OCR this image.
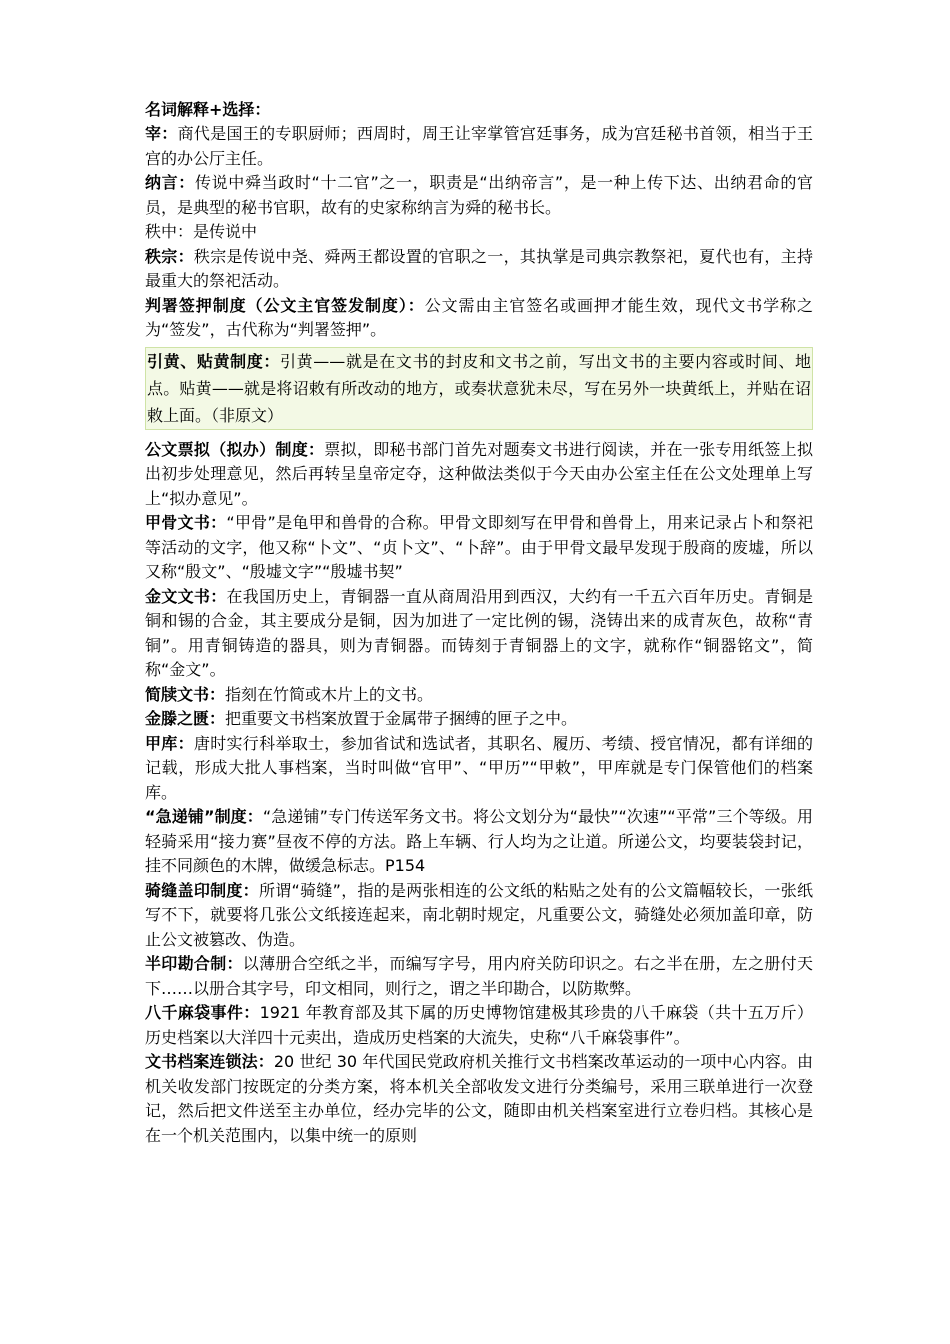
名词解释+选择：

宰：商代是国王的专职厨师；西周时，周王让宰掌管宫廷事务，成为宫廷秘书首领，相当于王宫的办公厅主任。

纳言：传说中舜当政时“十二官”之一，职责是“出纳帝言”，是一种上传下达、出纳君命的官员，是典型的秘书官职，故有的史家称纳言为舜的秘书长。

秩中：是传说中

秩宗：秩宗是传说中尧、舜两王都设置的官职之一，其执掌是司典宗教祭祀，夏代也有，主持最重大的祭祀活动。

判署签押制度（公文主官签发制度）：公文需由主官签名或画押才能生效，现代文书学称之为“签发”，古代称为“判署签押”。

引黄、贴黄制度：引黄——就是在文书的封皮和文书之前，写出文书的主要内容或时间、地点。贴黄——就是将诏敕有所改动的地方，或奏状意犹未尽，写在另外一块黄纸上，并贴在诏敕上面。（非原文）

公文票拟（拟办）制度：票拟，即秘书部门首先对题奏文书进行阅读，并在一张专用纸签上拟出初步处理意见，然后再转呈皇帝定夺，这种做法类似于今天由办公室主任在公文处理单上写上“拟办意见”。

甲骨文书：“甲骨”是龟甲和兽骨的合称。甲骨文即刻写在甲骨和兽骨上，用来记录占卜和祭祀等活动的文字，他又称“卜文”、“贞卜文”、“卜辞”。由于甲骨文最早发现于殷商的废墟，所以又称“殷文”、“殷墟文字”“殷墟书契”

金文文书：在我国历史上，青铜器一直从商周沿用到西汉，大约有一千五六百年历史。青铜是铜和锡的合金，其主要成分是铜，因为加进了一定比例的锡，浇铸出来的成青灰色，故称“青铜”。用青铜铸造的器具，则为青铜器。而铸刻于青铜器上的文字，就称作“铜器铭文”，简称“金文”。

简牍文书：指刻在竹简或木片上的文书。

金滕之匮：把重要文书档案放置于金属带子捆缚的匣子之中。

甲库：唐时实行科举取士，参加省试和选试者，其职名、履历、考绩、授官情况，都有详细的记载，形成大批人事档案，当时叫做“官甲”、“甲历”“甲敕”，甲库就是专门保管他们的档案库。

“急递铺”制度：“急递铺”专门传送军务文书。将公文划分为“最快”“次速”“平常”三个等级。用轻骑采用“接力赛”昼夜不停的方法。路上车辆、行人均为之让道。所递公文，均要装袋封记，挂不同颜色的木牌，做缓急标志。P154

骑缝盖印制度：所谓“骑缝”，指的是两张相连的公文纸的粘贴之处有的公文篇幅较长，一张纸写不下，就要将几张公文纸接连起来，南北朝时规定，凡重要公文，骑缝处必须加盖印章，防止公文被篡改、伪造。

半印勘合制：以薄册合空纸之半，而编写字号，用内府关防印识之。右之半在册，左之册付天下……以册合其字号，印文相同，则行之，谓之半印勘合，以防欺弊。

八千麻袋事件：1921 年教育部及其下属的历史博物馆建极其珍贵的八千麻袋（共十五万斤）历史档案以大洋四十元卖出，造成历史档案的大流失，史称“八千麻袋事件”。

文书档案连锁法：20 世纪 30 年代国民党政府机关推行文书档案改革运动的一项中心内容。由机关收发部门按既定的分类方案，将本机关全部收发文进行分类编号，采用三联单进行一次登记，然后把文件送至主办单位，经办完毕的公文，随即由机关档案室进行立卷归档。其核心是在一个机关范围内，以集中统一的原则
